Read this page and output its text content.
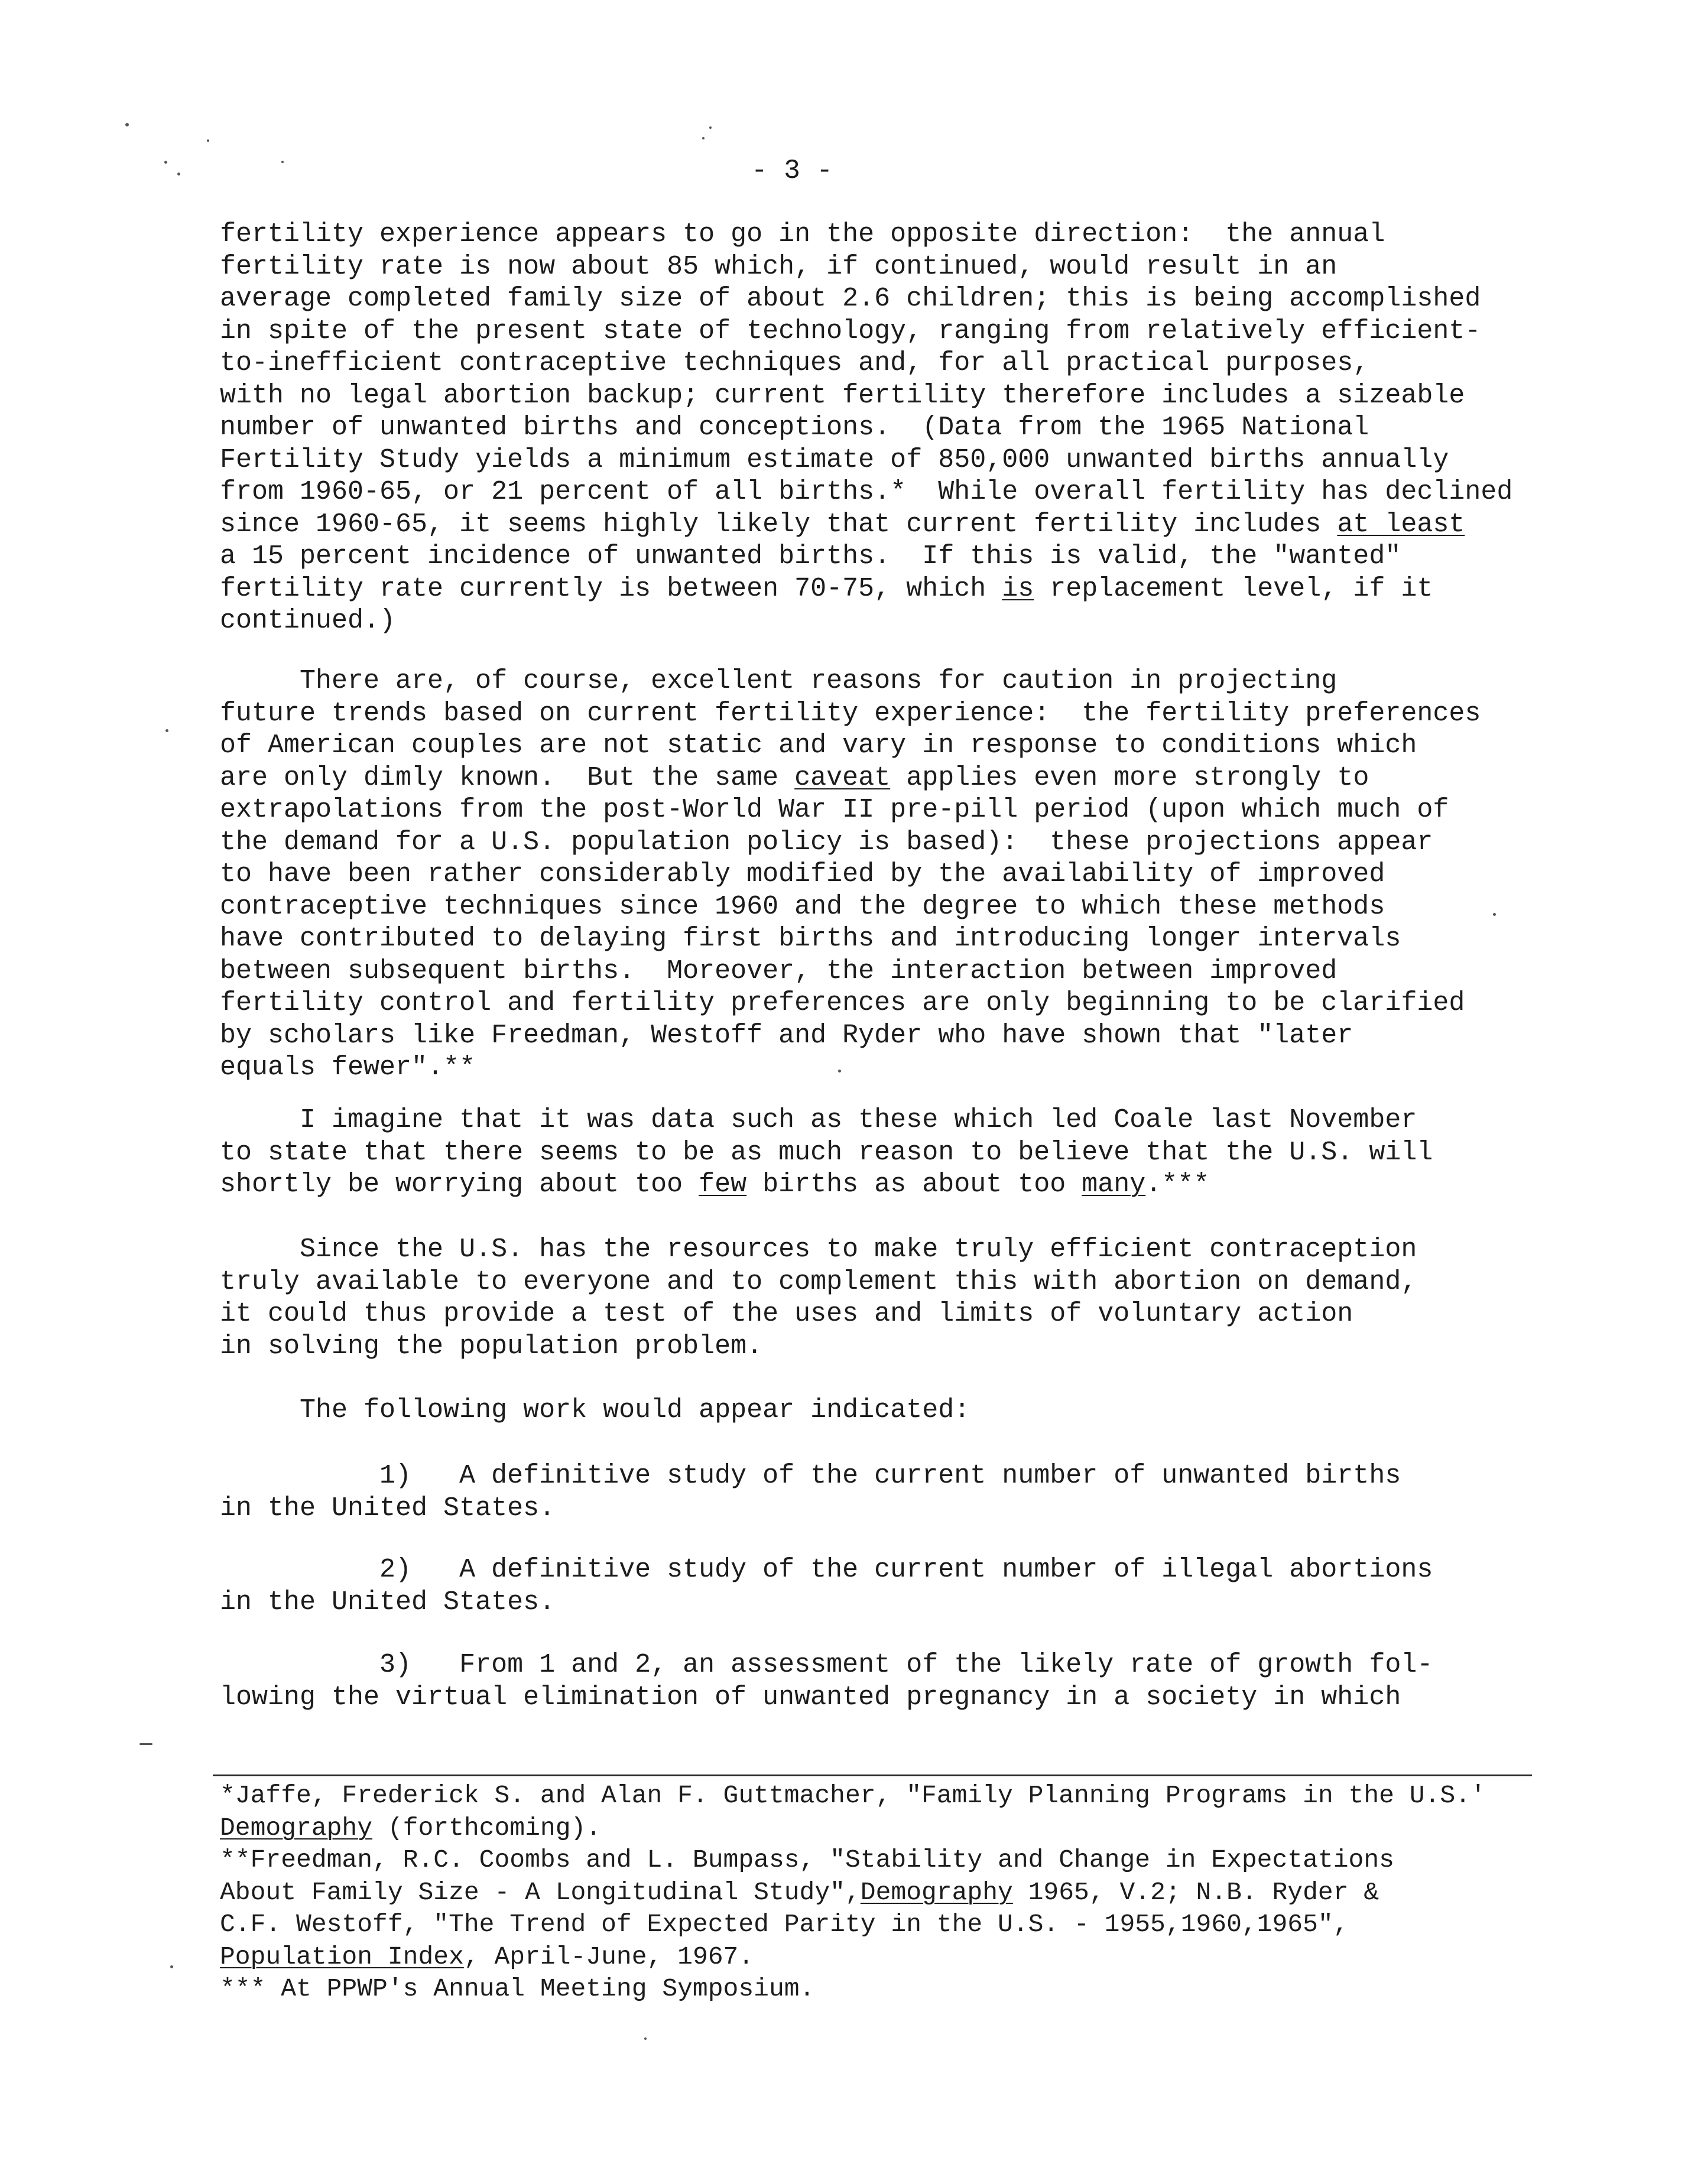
- 3 -
fertility experience appears to go in the opposite direction:  the annual
fertility rate is now about 85 which, if continued, would result in an
average completed family size of about 2.6 children; this is being accomplished
in spite of the present state of technology, ranging from relatively efficient-
to-inefficient contraceptive techniques and, for all practical purposes,
with no legal abortion backup; current fertility therefore includes a sizeable
number of unwanted births and conceptions.  (Data from the 1965 National
Fertility Study yields a minimum estimate of 850,000 unwanted births annually
from 1960-65, or 21 percent of all births.*  While overall fertility has declined
since 1960-65, it seems highly likely that current fertility includes at least
a 15 percent incidence of unwanted births.  If this is valid, the "wanted"
fertility rate currently is between 70-75, which is replacement level, if it
continued.)
There are, of course, excellent reasons for caution in projecting
future trends based on current fertility experience:  the fertility preferences
of American couples are not static and vary in response to conditions which
are only dimly known.  But the same caveat applies even more strongly to
extrapolations from the post-World War II pre-pill period (upon which much of
the demand for a U.S. population policy is based):  these projections appear
to have been rather considerably modified by the availability of improved
contraceptive techniques since 1960 and the degree to which these methods
have contributed to delaying first births and introducing longer intervals
between subsequent births.  Moreover, the interaction between improved
fertility control and fertility preferences are only beginning to be clarified
by scholars like Freedman, Westoff and Ryder who have shown that "later
equals fewer".**
I imagine that it was data such as these which led Coale last November
to state that there seems to be as much reason to believe that the U.S. will
shortly be worrying about too few births as about too many.***
Since the U.S. has the resources to make truly efficient contraception
truly available to everyone and to complement this with abortion on demand,
it could thus provide a test of the uses and limits of voluntary action
in solving the population problem.
The following work would appear indicated:
1)   A definitive study of the current number of unwanted births
in the United States.
2)   A definitive study of the current number of illegal abortions
in the United States.
3)   From 1 and 2, an assessment of the likely rate of growth fol-
lowing the virtual elimination of unwanted pregnancy in a society in which
*Jaffe, Frederick S. and Alan F. Guttmacher, "Family Planning Programs in the U.S.'
Demography (forthcoming).
**Freedman, R.C. Coombs and L. Bumpass, "Stability and Change in Expectations
About Family Size - A Longitudinal Study",Demography 1965, V.2; N.B. Ryder &
C.F. Westoff, "The Trend of Expected Parity in the U.S. - 1955,1960,1965",
Population Index, April-June, 1967.
*** At PPWP's Annual Meeting Symposium.
